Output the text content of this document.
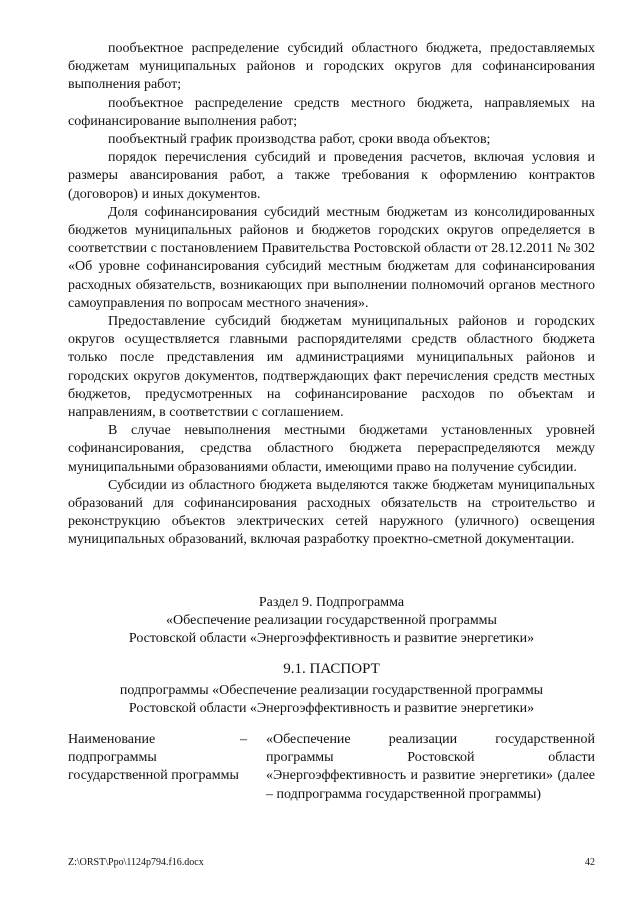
пообъектное распределение субсидий областного бюджета, предоставляемых бюджетам муниципальных районов и городских округов для софинансирования выполнения работ;

пообъектное распределение средств местного бюджета, направляемых на софинансирование выполнения работ;

пообъектный график производства работ, сроки ввода объектов;

порядок перечисления субсидий и проведения расчетов, включая условия и размеры авансирования работ, а также требования к оформлению контрактов (договоров) и иных документов.

Доля софинансирования субсидий местным бюджетам из консолидированных бюджетов муниципальных районов и бюджетов городских округов определяется в соответствии с постановлением Правительства Ростовской области от 28.12.2011 № 302 «Об уровне софинансирования субсидий местным бюджетам для софинансирования расходных обязательств, возникающих при выполнении полномочий органов местного самоуправления по вопросам местного значения».

Предоставление субсидий бюджетам муниципальных районов и городских округов осуществляется главными распорядителями средств областного бюджета только после представления им администрациями муниципальных районов и городских округов документов, подтверждающих факт перечисления средств местных бюджетов, предусмотренных на софинансирование расходов по объектам и направлениям, в соответствии с соглашением.

В случае невыполнения местными бюджетами установленных уровней софинансирования, средства областного бюджета перераспределяются между муниципальными образованиями области, имеющими право на получение субсидии.

Субсидии из областного бюджета выделяются также бюджетам муниципальных образований для софинансирования расходных обязательств на строительство и реконструкцию объектов электрических сетей наружного (уличного) освещения муниципальных образований, включая разработку проектно-сметной документации.

Раздел 9. Подпрограмма

«Обеспечение реализации государственной программы

Ростовской области «Энергоэффективность и развитие энергетики»

9.1. ПАСПОРТ

подпрограммы «Обеспечение реализации государственной программы

Ростовской области «Энергоэффективность и развитие энергетики»

Наименование подпрограммы государственной программы
–	«Обеспечение реализации государственной программы Ростовской области «Энергоэффективность и развитие энергетики» (далее – подпрограмма государственной программы)
Z:\ORST\Ppo\1124p794.f16.docx	42
